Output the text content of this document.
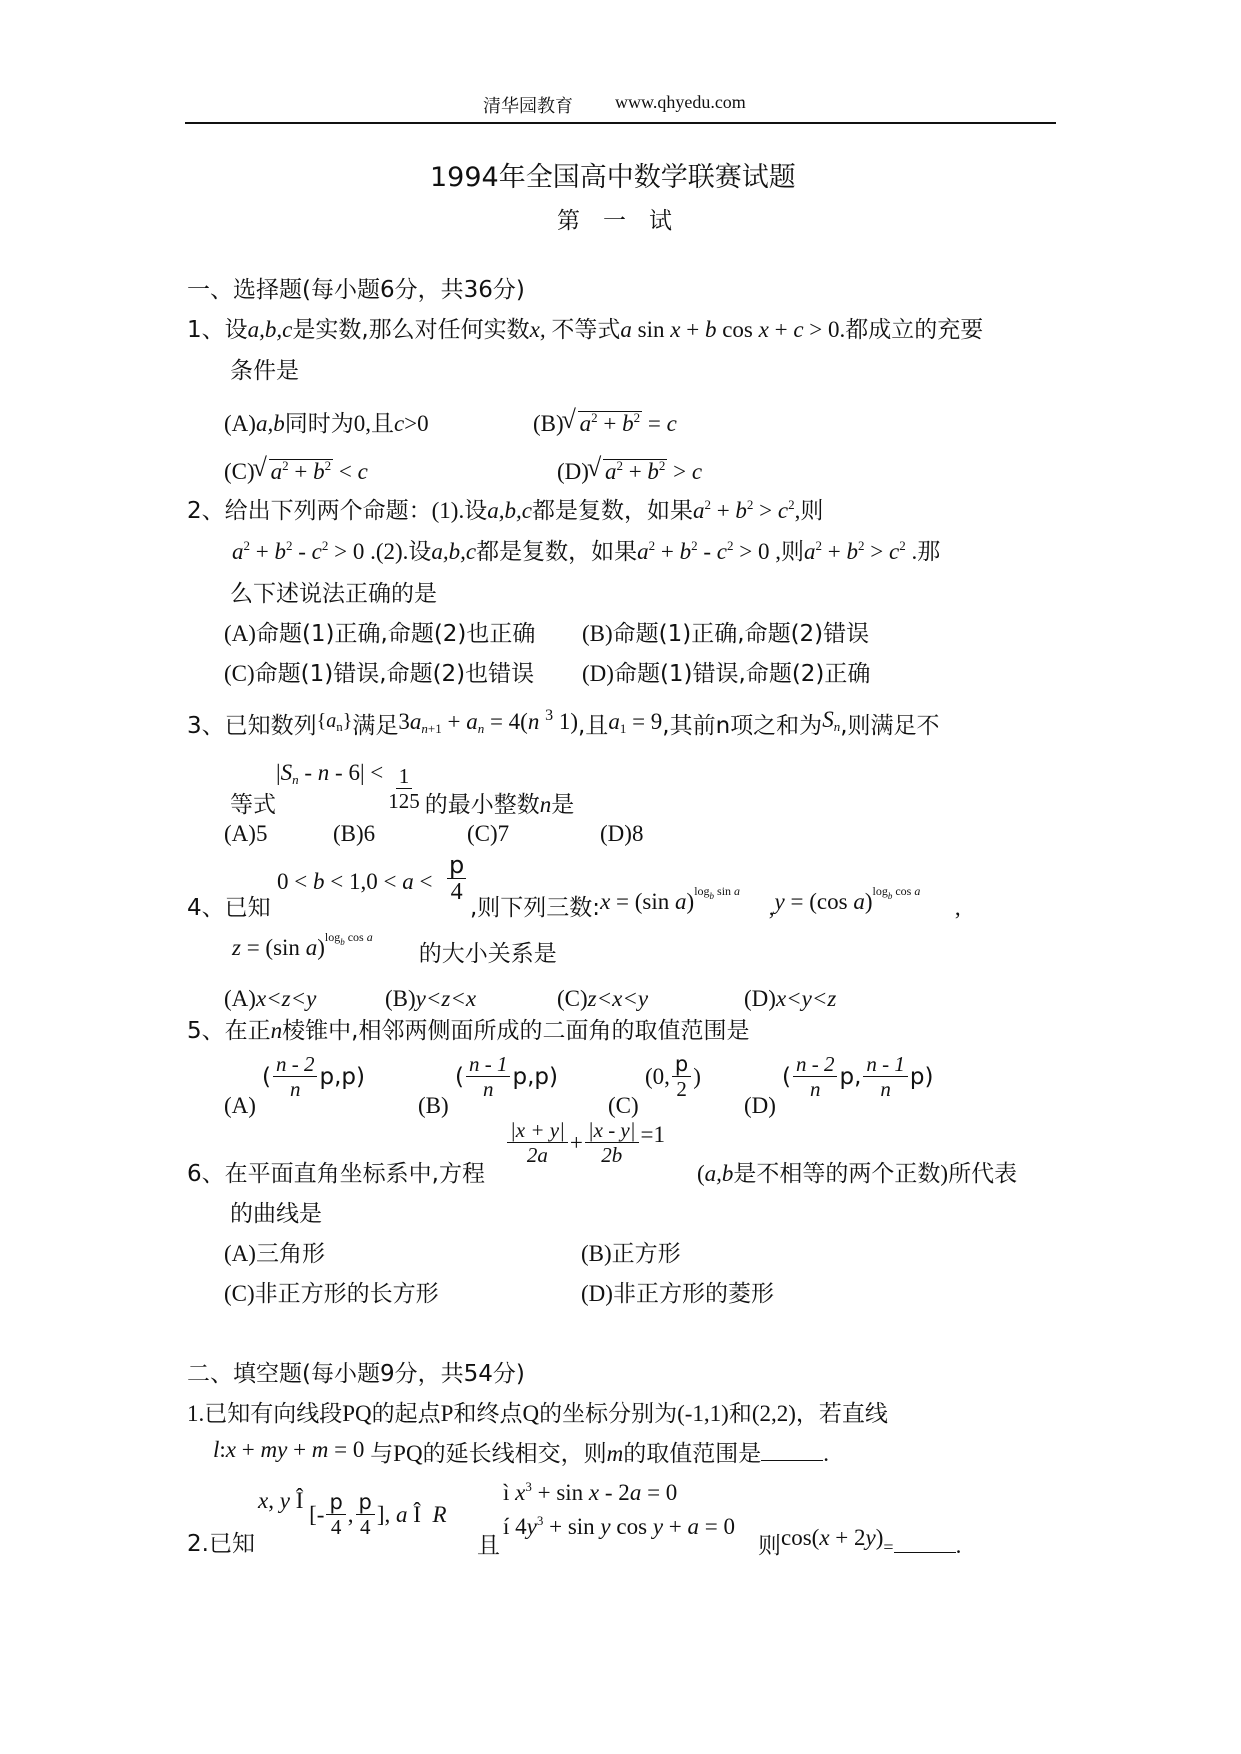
清华园教育 www.qhyedu.com
1994年全国高中数学联赛试题
第　一　试
一、选择题(每小题6分，共36分)
1、设a,b,c是实数,那么对任何实数x, 不等式a sin x + b cos x + c > 0.都成立的充要
条件是
(A)a,b同时为0,且c>0	(B) √ $a^2 + b^2 = c$
(C) √ $a^2 + b^2 < c$	(D) √ $a^2 + b^2 > c$
2、给出下列两个命题：(1).设a,b,c都是复数，如果$a^2 + b^2 > c^2$,则
$a^2 + b^2 - c^2 > 0$ .(2).设a,b,c都是复数，如果$a^2 + b^2 - c^2 > 0$ ,则$a^2 + b^2 > c^2$ .那
么下述说法正确的是
(A)命题(1)正确,命题(2)也正确 (B)命题(1)正确,命题(2)错误
(C)命题(1)错误,命题(2)也错误 (D)命题(1)错误,命题(2)正确
3、已知数列$\{a_n\}$满足$3a_{n+1} + a_n = 4(n$ $^3$ 1),且$a_1 = 9$,其前n项之和为$S_n$,则满足不
等式$|S_n - n - 6| < \frac{1}{125}$ 的最小整数n是
(A)5	(B)6	(C)7	(D)8
4、已知
0 < b < 1,0 < a <
p
4
,则下列三数:x = (sin a)$^{log_b sin a}$     ,y = (cos a)$^{log_b cos a}$      ,
z = (sin a)$^{log_b cos a}$        的大小关系是
(A)x<z<y	(B)y<z<x	(C)z<x<y	(D)x<y<z
5、在正n棱锥中,相邻两侧面所成的二面角的取值范围是
(A)
( $\frac{n - 2}{n} p,p$)
(B)
( $\frac{n - 1}{n} p,p$)
(C)
(0, $\frac{p}{2}$ )
(D)
( $\frac{n - 2}{n} p$, $\frac{n - 1}{n} p$)
6、在平面直角坐标系中,方程
$\frac{|x + y|}{2a} + \frac{|x - y|}{2b} =1$
(a,b是不相等的两个正数)所代表
的曲线是
(A)三角形	(B)正方形
(C)非正方形的长方形	(D)非正方形的菱形
二、填空题(每小题9分，共54分)
1.已知有向线段PQ的起点P和终点Q的坐标分别为(-1,1)和(2,2)，若直线
l:x + my + m = 0 与PQ的延长线相交，则m的取值范围是	.
2.已知
x, y Î
[- $\frac{p}{4}$ , $\frac{p}{4}$ ], a Î  R
且
ì $x^3 + \sin x - 2a = 0$
í $4y^3 + \sin y$ cos y + a = 0
则cos(x + 2y)=	.
